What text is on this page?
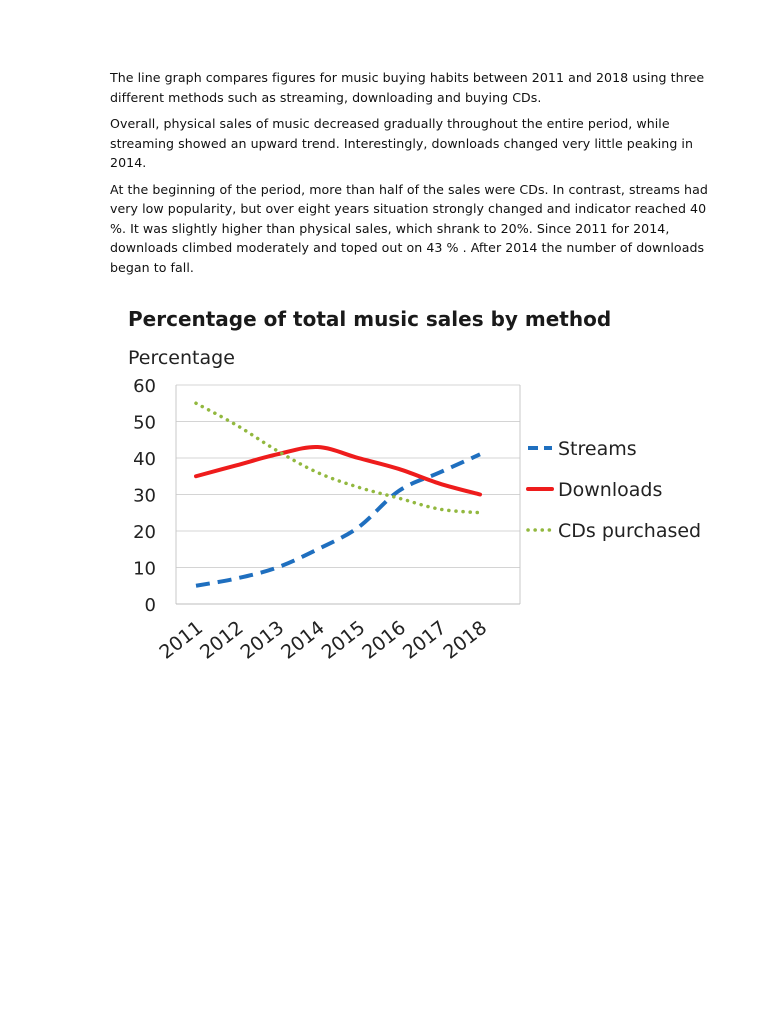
The line graph compares figures for music buying habits between 2011 and 2018 using three different methods such as streaming, downloading and buying CDs.

Overall, physical sales of music decreased gradually throughout the entire period, while streaming showed an upward trend. Interestingly, downloads changed very little peaking in 2014.

At the beginning of the period, more than half of the sales were CDs. In contrast, streams had very low popularity, but over eight years situation strongly changed and indicator reached 40 %. It was slightly higher than physical sales, which shrank to 20%. Since 2011 for 2014, downloads climbed moderately and toped out on 43 % . After 2014 the number of downloads began to fall.

Percentage of total music sales by method
Percentage
0
10
20
30
40
50
60
2011
2012
2013
2014
2015
2016
2017
2018
Streams
Downloads
CDs purchased
